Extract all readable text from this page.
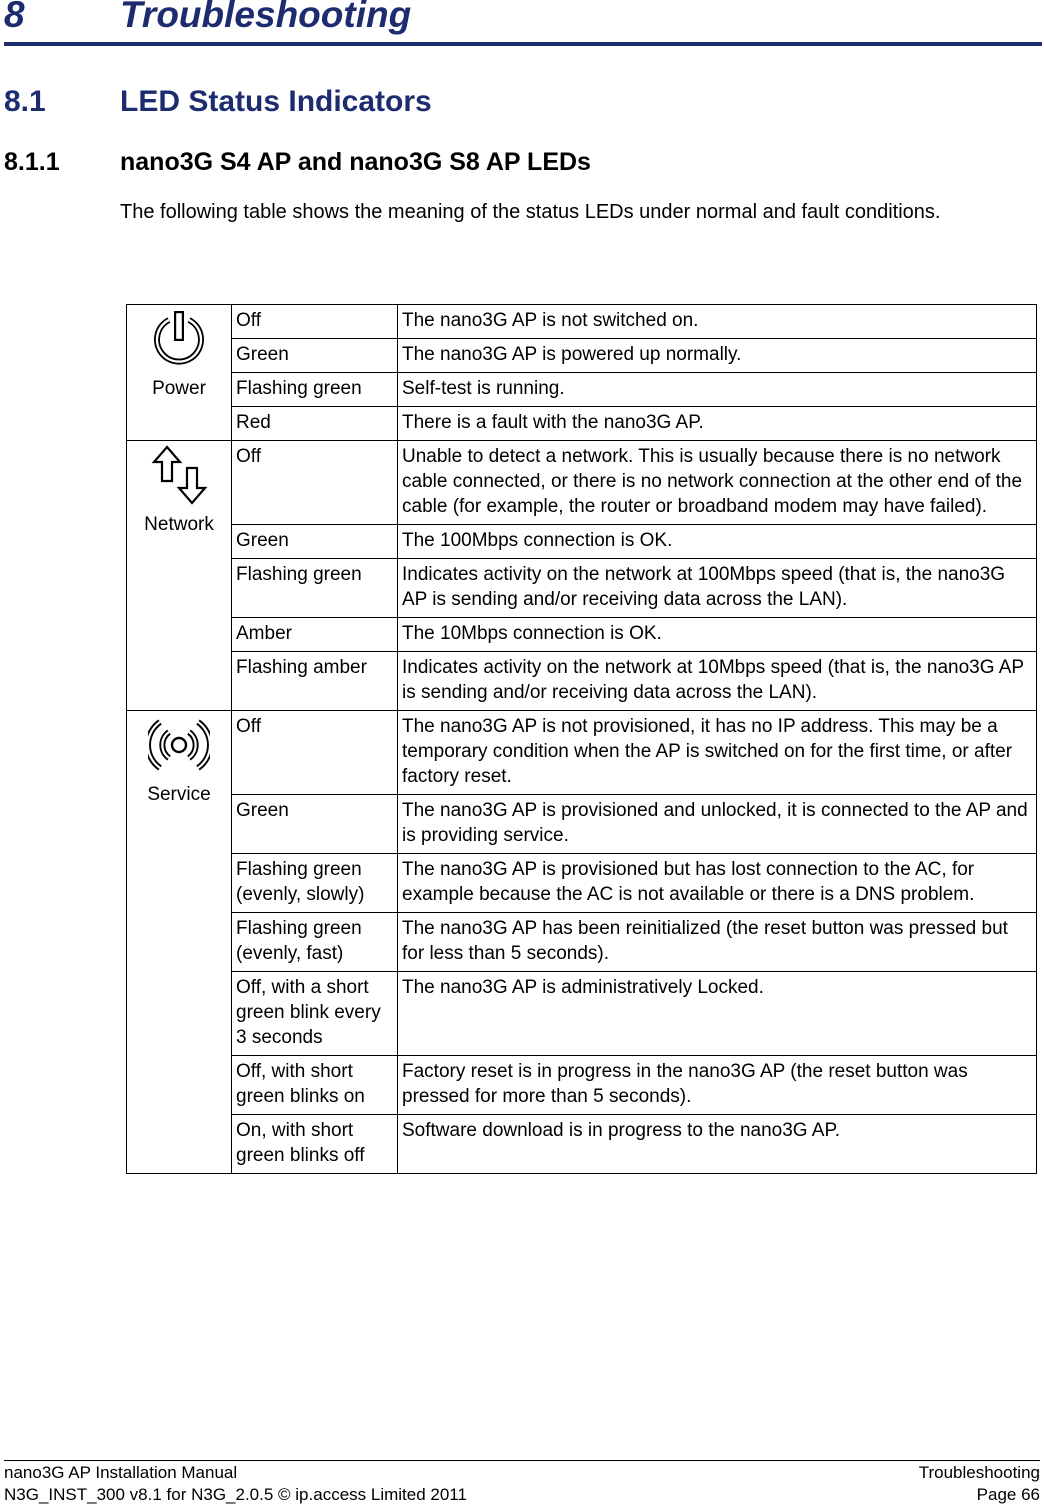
8	Troubleshooting
8.1 LED Status Indicators
8.1.1 nano3G S4 AP and nano3G S8 AP LEDs

The following table shows the meaning of the status LEDs under normal and fault conditions.

Power	Off	The nano3G AP is not switched on.
	Green	The nano3G AP is powered up normally.
	Flashing green	Self-test is running.
	Red	There is a fault with the nano3G AP.

Network	Off	Unable to detect a network. This is usually because there is no network cable connected, or there is no network connection at the other end of the cable (for example, the router or broadband modem may have failed).
	Green	The 100Mbps connection is OK.
	Flashing green	Indicates activity on the network at 100Mbps speed (that is, the nano3G AP is sending and/or receiving data across the LAN).
	Amber	The 10Mbps connection is OK.
	Flashing amber	Indicates activity on the network at 10Mbps speed (that is, the nano3G AP is sending and/or receiving data across the LAN).

Service	Off	The nano3G AP is not provisioned, it has no IP address. This may be a temporary condition when the AP is switched on for the first time, or after factory reset.
	Green	The nano3G AP is provisioned and unlocked, it is connected to the AP and is providing service.
	Flashing green (evenly, slowly)	The nano3G AP is provisioned but has lost connection to the AC, for example because the AC is not available or there is a DNS problem.
	Flashing green (evenly, fast)	The nano3G AP has been reinitialized (the reset button was pressed but for less than 5 seconds).
	Off, with a short green blink every 3 seconds	The nano3G AP is administratively Locked.
	Off, with short green blinks on	Factory reset is in progress in the nano3G AP (the reset button was pressed for more than 5 seconds).
	On, with short green blinks off	Software download is in progress to the nano3G AP.
nano3G AP Installation Manual	Troubleshooting
N3G_INST_300 v8.1 for N3G_2.0.5 © ip.access Limited 2011	Page 66
